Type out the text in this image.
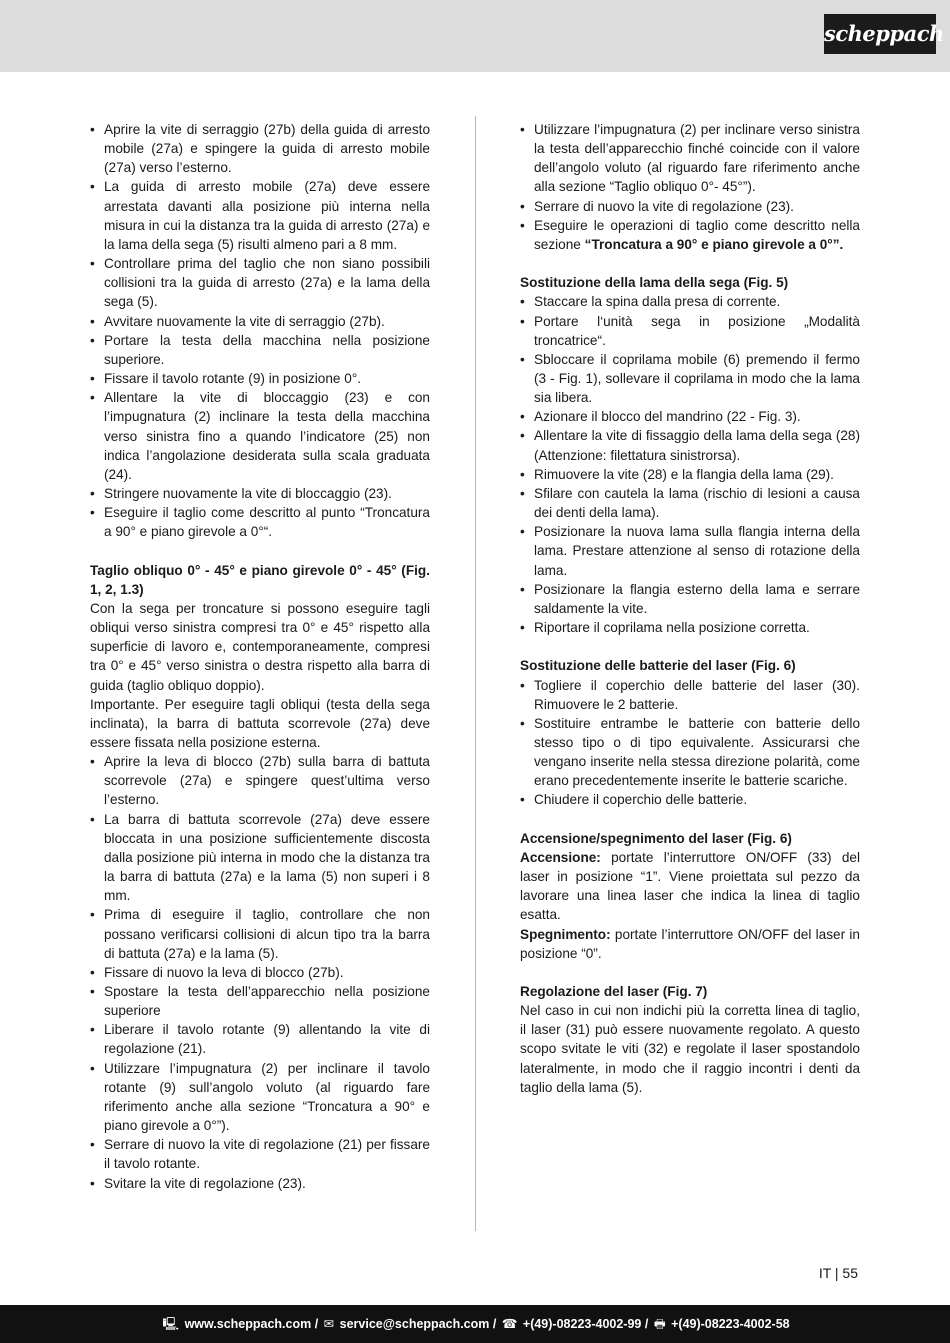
scheppach
• Aprire la vite di serraggio (27b) della guida di arresto mobile (27a) e spingere la guida di arresto mobile (27a) verso l’esterno.
• La guida di arresto mobile (27a) deve essere arrestata davanti alla posizione più interna nella misura in cui la distanza tra la guida di arresto (27a) e la lama della sega (5) risulti almeno pari a 8 mm.
• Controllare prima del taglio che non siano possibili collisioni tra la guida di arresto (27a) e la lama della sega (5).
• Avvitare nuovamente la vite di serraggio (27b).
• Portare la testa della macchina nella posizione superiore.
• Fissare il tavolo rotante (9) in posizione 0°.
• Allentare la vite di bloccaggio (23) e con l’impugnatura (2) inclinare la testa della macchina verso sinistra fino a quando l’indicatore (25) non indica l’angolazione desiderata sulla scala graduata (24).
• Stringere nuovamente la vite di bloccaggio (23).
• Eseguire il taglio come descritto al punto “Troncatura a 90° e piano girevole a 0°“.

Taglio obliquo 0° - 45° e piano girevole 0° - 45° (Fig. 1, 2, 1.3)

Con la sega per troncature si possono eseguire tagli obliqui verso sinistra compresi tra 0° e 45° rispetto alla superficie di lavoro e, contemporaneamente, compresi tra 0° e 45° verso sinistra o destra rispetto alla barra di guida (taglio obliquo doppio).

Importante. Per eseguire tagli obliqui (testa della sega inclinata), la barra di battuta scorrevole (27a) deve essere fissata nella posizione esterna.

• Aprire la leva di blocco (27b) sulla barra di battuta scorrevole (27a) e spingere quest’ultima verso l’esterno.
• La barra di battuta scorrevole (27a) deve essere bloccata in una posizione sufficientemente discosta dalla posizione più interna in modo che la distanza tra la barra di battuta (27a) e la lama (5) non superi i 8 mm.
• Prima di eseguire il taglio, controllare che non possano verificarsi collisioni di alcun tipo tra la barra di battuta (27a) e la lama (5).
• Fissare di nuovo la leva di blocco (27b).
• Spostare la testa dell’apparecchio nella posizione superiore
• Liberare il tavolo rotante (9) allentando la vite di regolazione (21).
• Utilizzare l’impugnatura (2) per inclinare il tavolo rotante (9) sull’angolo voluto (al riguardo fare riferimento anche alla sezione “Troncatura a 90° e piano girevole a 0°”).
• Serrare di nuovo la vite di regolazione (21) per fissare il tavolo rotante.
• Svitare la vite di regolazione (23).
• Utilizzare l’impugnatura (2) per inclinare verso sinistra la testa dell’apparecchio finché coincide con il valore dell’angolo voluto (al riguardo fare riferimento anche alla sezione “Taglio obliquo 0°- 45°”).
• Serrare di nuovo la vite di regolazione (23).
• Eseguire le operazioni di taglio come descritto nella sezione “Troncatura a 90° e piano girevole a 0°”.

Sostituzione della lama della sega (Fig. 5)

• Staccare la spina dalla presa di corrente.
• Portare l‘unità sega in posizione „Modalità troncatrice“.
• Sbloccare il coprilama mobile (6) premendo il fermo (3 - Fig. 1), sollevare il coprilama in modo che la lama sia libera.
• Azionare il blocco del mandrino (22 - Fig. 3).
• Allentare la vite di fissaggio della lama della sega (28) (Attenzione: filettatura sinistrorsa).
• Rimuovere la vite (28) e la flangia della lama (29).
• Sfilare con cautela la lama (rischio di lesioni a causa dei denti della lama).
• Posizionare la nuova lama sulla flangia interna della lama. Prestare attenzione al senso di rotazione della lama.
• Posizionare la flangia esterno della lama e serrare saldamente la vite.
• Riportare il coprilama nella posizione corretta.

Sostituzione delle batterie del laser (Fig. 6)

• Togliere il coperchio delle batterie del laser (30). Rimuovere le 2 batterie.
• Sostituire entrambe le batterie con batterie dello stesso tipo o di tipo equivalente. Assicurarsi che vengano inserite nella stessa direzione polarità, come erano precedentemente inserite le batterie scariche.
• Chiudere il coperchio delle batterie.

Accensione/spegnimento del laser (Fig. 6)

Accensione: portate l’interruttore ON/OFF (33) del laser in posizione “1”. Viene proiettata sul pezzo da lavorare una linea laser che indica la linea di taglio esatta.

Spegnimento: portate l’interruttore ON/OFF del laser in posizione “0”.

Regolazione del laser (Fig. 7)

Nel caso in cui non indichi più la corretta linea di taglio, il laser (31) può essere nuovamente regolato. A questo scopo svitate le viti (32) e regolate il laser spostandolo lateralmente, in modo che il raggio incontri i denti da taglio della lama (5).

IT | 55
🖳 www.scheppach.com / ✉ service@scheppach.com / ☎ +(49)-08223-4002-99 / 🖶 +(49)-08223-4002-58
